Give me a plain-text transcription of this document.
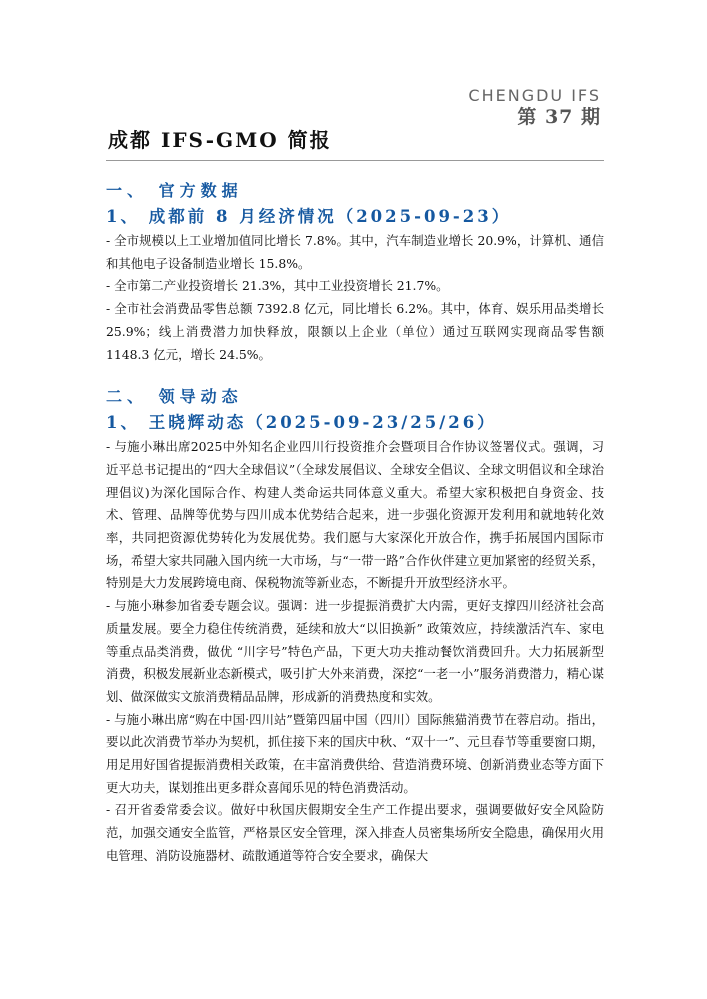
CHENGDU IFS
第 37 期
成都 IFS-GMO 简报
一、 官方数据
1、 成都前 8 月经济情况（2025-09-23）

- 全市规模以上工业增加值同比增长 7.8%。其中，汽车制造业增长 20.9%，计算机、通信和其他电子设备制造业增长 15.8%。

- 全市第二产业投资增长 21.3%，其中工业投资增长 21.7%。

- 全市社会消费品零售总额 7392.8 亿元，同比增长 6.2%。其中，体育、娱乐用品类增长 25.9%；线上消费潜力加快释放，限额以上企业（单位）通过互联网实现商品零售额 1148.3 亿元，增长 24.5%。

二、 领导动态
1、 王晓辉动态（2025-09-23/25/26）

- 与施小琳出席2025中外知名企业四川行投资推介会暨项目合作协议签署仪式。强调，习近平总书记提出的“四大全球倡议”（全球发展倡议、全球安全倡议、全球文明倡议和全球治理倡议)为深化国际合作、构建人类命运共同体意义重大。希望大家积极把自身资金、技术、管理、品牌等优势与四川成本优势结合起来，进一步强化资源开发利用和就地转化效率，共同把资源优势转化为发展优势。我们愿与大家深化开放合作，携手拓展国内国际市场，希望大家共同融入国内统一大市场，与“一带一路”合作伙伴建立更加紧密的经贸关系，特别是大力发展跨境电商、保税物流等新业态，不断提升开放型经济水平。

- 与施小琳参加省委专题会议。强调：进一步提振消费扩大内需，更好支撑四川经济社会高质量发展。要全力稳住传统消费，延续和放大“以旧换新” 政策效应，持续激活汽车、家电等重点品类消费，做优 “川字号”特色产品，下更大功夫推动餐饮消费回升。大力拓展新型消费，积极发展新业态新模式，吸引扩大外来消费，深挖“一老一小”服务消费潜力，精心谋划、做深做实文旅消费精品品牌，形成新的消费热度和实效。

- 与施小琳出席“购在中国·四川站”暨第四届中国（四川）国际熊猫消费节在蓉启动。指出，要以此次消费节举办为契机，抓住接下来的国庆中秋、“双十一”、元旦春节等重要窗口期，用足用好国省提振消费相关政策，在丰富消费供给、营造消费环境、创新消费业态等方面下更大功夫，谋划推出更多群众喜闻乐见的特色消费活动。

- 召开省委常委会议。做好中秋国庆假期安全生产工作提出要求，强调要做好安全风险防范，加强交通安全监管，严格景区安全管理，深入排查人员密集场所安全隐患，确保用火用电管理、消防设施器材、疏散通道等符合安全要求，确保大
